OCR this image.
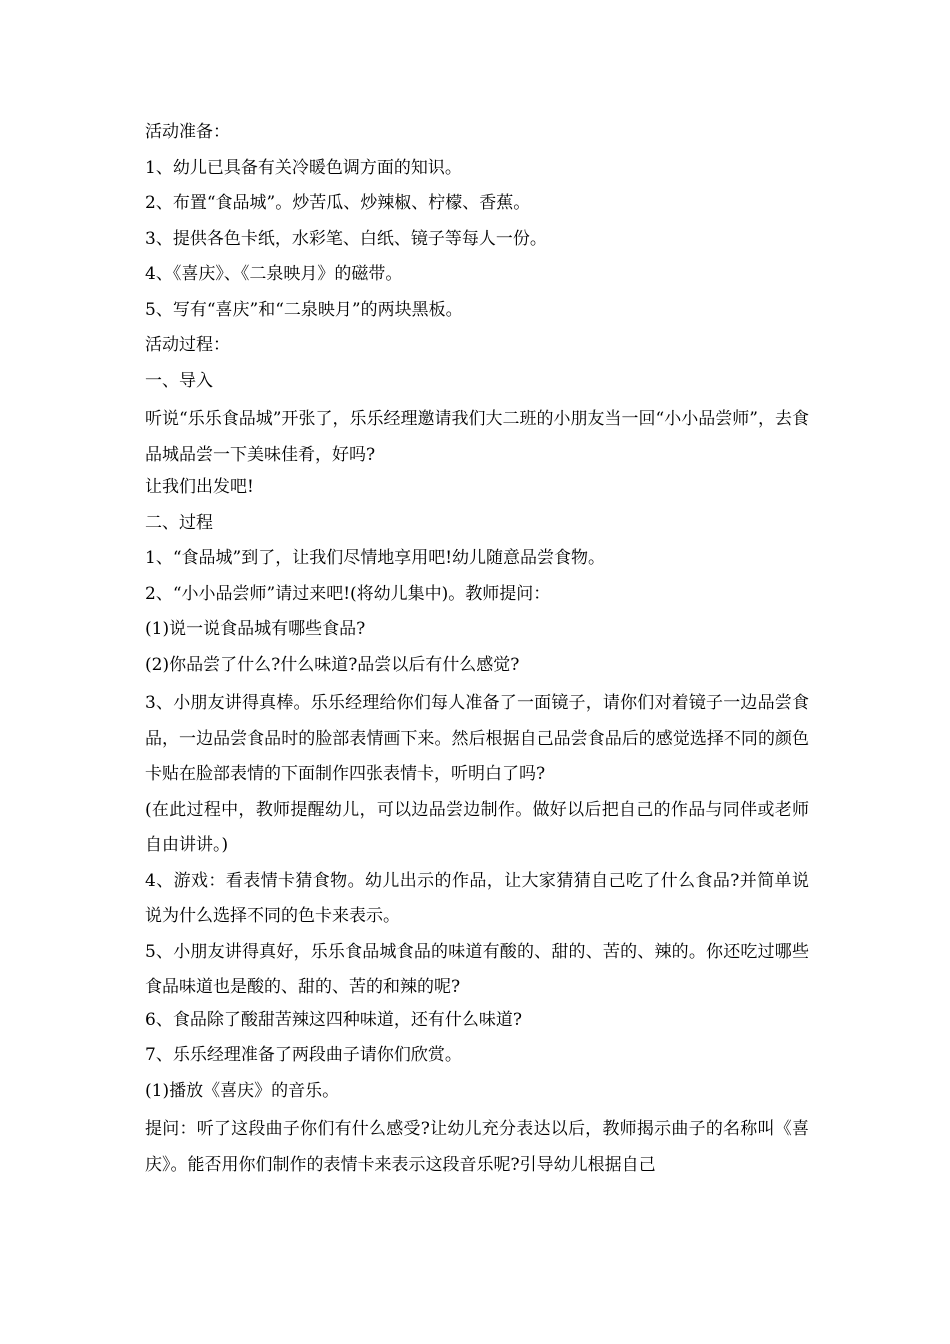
活动准备：

1、幼儿已具备有关冷暖色调方面的知识。

2、布置“食品城”。炒苦瓜、炒辣椒、柠檬、香蕉。

3、提供各色卡纸，水彩笔、白纸、镜子等每人一份。

4、《喜庆》、《二泉映月》的磁带。

5、写有“喜庆”和“二泉映月”的两块黑板。

活动过程：

一、导入

听说“乐乐食品城”开张了，乐乐经理邀请我们大二班的小朋友当一回“小小品尝师”，去食品城品尝一下美味佳肴，好吗?

让我们出发吧!

二、过程

1、“食品城”到了，让我们尽情地享用吧!幼儿随意品尝食物。

2、“小小品尝师”请过来吧!(将幼儿集中)。教师提问：

(1)说一说食品城有哪些食品?

(2)你品尝了什么?什么味道?品尝以后有什么感觉?

3、小朋友讲得真棒。乐乐经理给你们每人准备了一面镜子，请你们对着镜子一边品尝食品，一边品尝食品时的脸部表情画下来。然后根据自己品尝食品后的感觉选择不同的颜色卡贴在脸部表情的下面制作四张表情卡，听明白了吗?

(在此过程中，教师提醒幼儿，可以边品尝边制作。做好以后把自己的作品与同伴或老师自由讲讲。)

4、游戏：看表情卡猜食物。幼儿出示的作品，让大家猜猜自己吃了什么食品?并简单说说为什么选择不同的色卡来表示。

5、小朋友讲得真好，乐乐食品城食品的味道有酸的、甜的、苦的、辣的。你还吃过哪些食品味道也是酸的、甜的、苦的和辣的呢?

6、食品除了酸甜苦辣这四种味道，还有什么味道?

7、乐乐经理准备了两段曲子请你们欣赏。

(1)播放《喜庆》的音乐。

提问：听了这段曲子你们有什么感受?让幼儿充分表达以后，教师揭示曲子的名称叫《喜庆》。能否用你们制作的表情卡来表示这段音乐呢?引导幼儿根据自己
